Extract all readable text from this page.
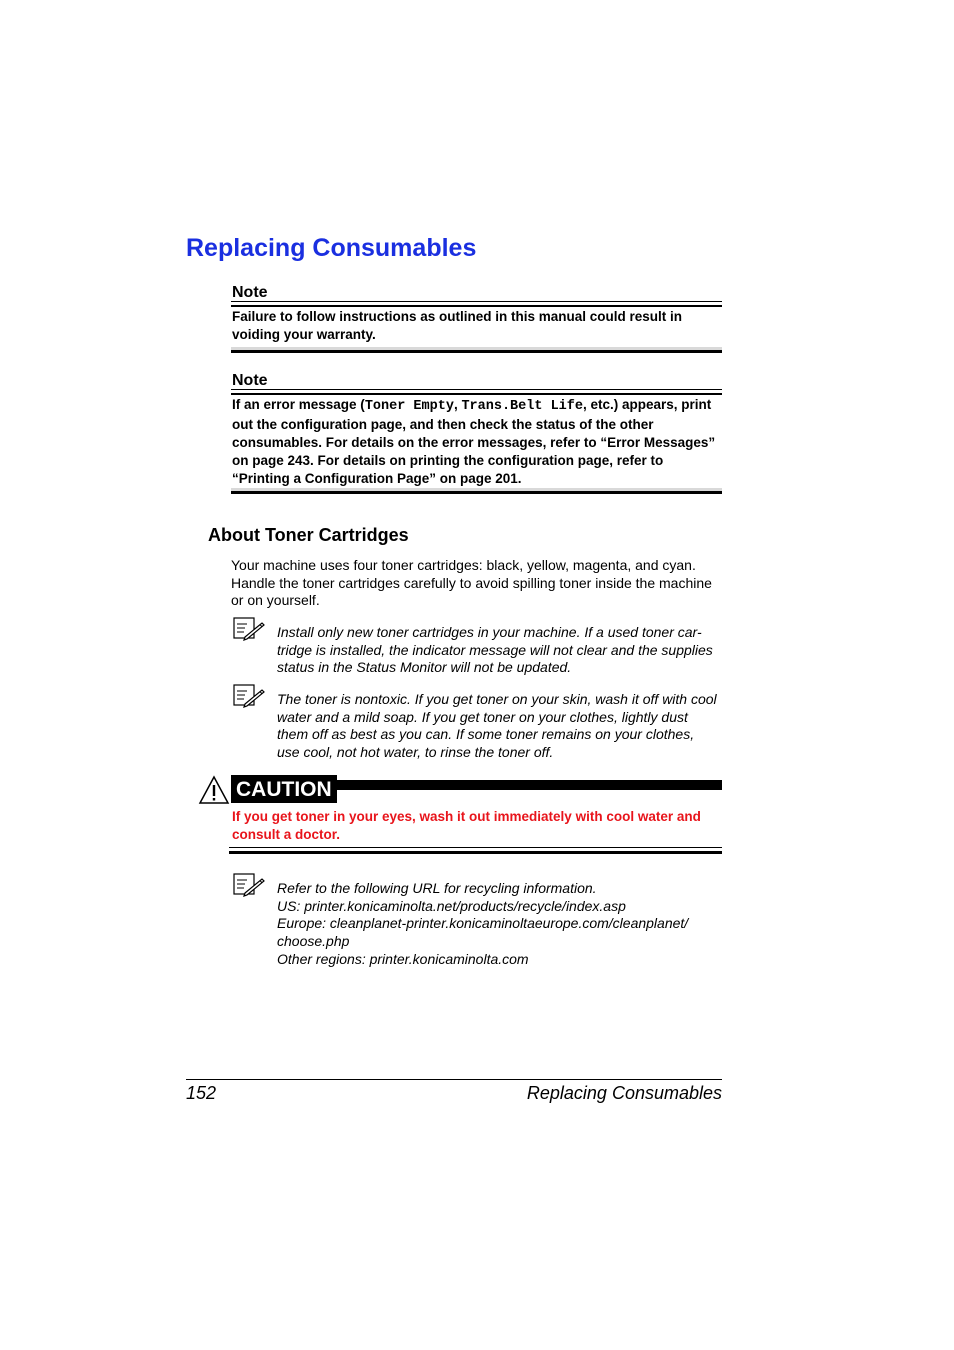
Replacing Consumables
Note
Failure to follow instructions as outlined in this manual could result in voiding your warranty.
Note
If an error message (Toner Empty, Trans.Belt Life, etc.) appears, print out the configuration page, and then check the status of the other consumables. For details on the error messages, refer to “Error Messages” on page 243. For details on printing the configuration page, refer to “Printing a Configuration Page” on page 201.
About Toner Cartridges
Your machine uses four toner cartridges: black, yellow, magenta, and cyan. Handle the toner cartridges carefully to avoid spilling toner inside the machine or on yourself.
Install only new toner cartridges in your machine. If a used toner car-tridge is installed, the indicator message will not clear and the supplies status in the Status Monitor will not be updated.
The toner is nontoxic. If you get toner on your skin, wash it off with cool water and a mild soap. If you get toner on your clothes, lightly dust them off as best as you can. If some toner remains on your clothes, use cool, not hot water, to rinse the toner off.
CAUTION
If you get toner in your eyes, wash it out immediately with cool water and consult a doctor.
Refer to the following URL for recycling information.
US: printer.konicaminolta.net/products/recycle/index.asp
Europe: cleanplanet-printer.konicaminoltaeurope.com/cleanplanet/
choose.php
Other regions: printer.konicaminolta.com
152	Replacing Consumables
